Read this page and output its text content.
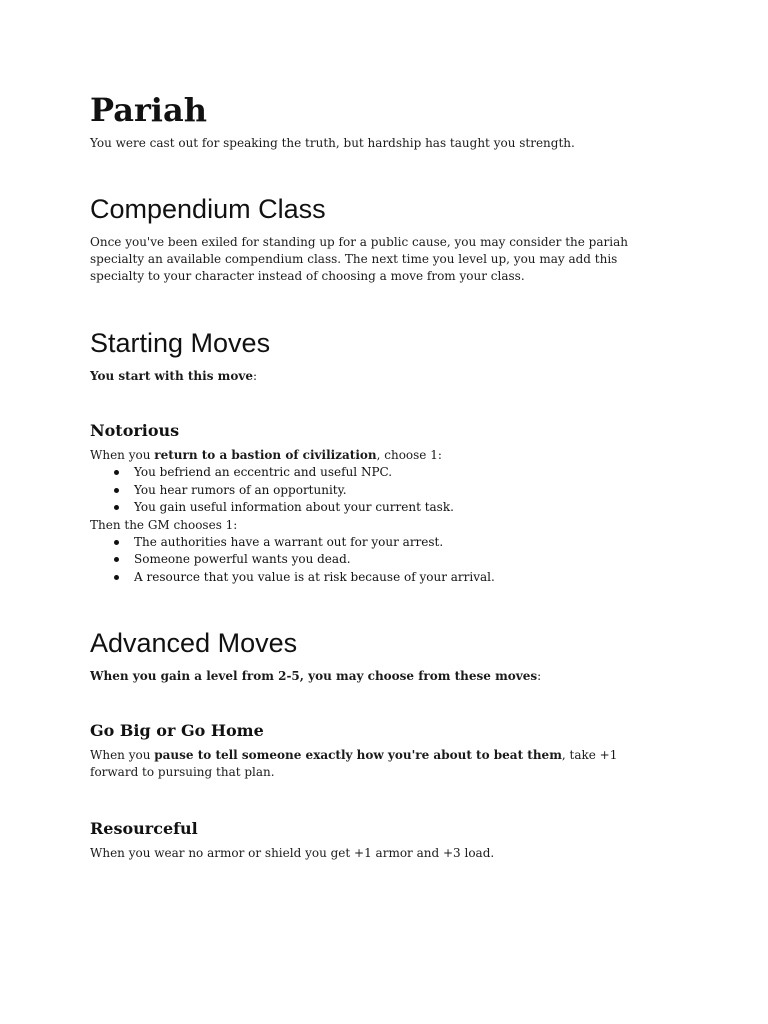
Pariah

You were cast out for speaking the truth, but hardship has taught you strength.

Compendium Class

Once you've been exiled for standing up for a public cause, you may consider the pariah specialty an available compendium class. The next time you level up, you may add this specialty to your character instead of choosing a move from your class.

Starting Moves

You start with this move:

Notorious

When you return to a bastion of civilization, choose 1:

You befriend an eccentric and useful NPC.
You hear rumors of an opportunity.
You gain useful information about your current task.

Then the GM chooses 1:

The authorities have a warrant out for your arrest.
Someone powerful wants you dead.
A resource that you value is at risk because of your arrival.
Advanced Moves

When you gain a level from 2-5, you may choose from these moves:

Go Big or Go Home

When you pause to tell someone exactly how you're about to beat them, take +1 forward to pursuing that plan.

Resourceful

When you wear no armor or shield you get +1 armor and +3 load.
